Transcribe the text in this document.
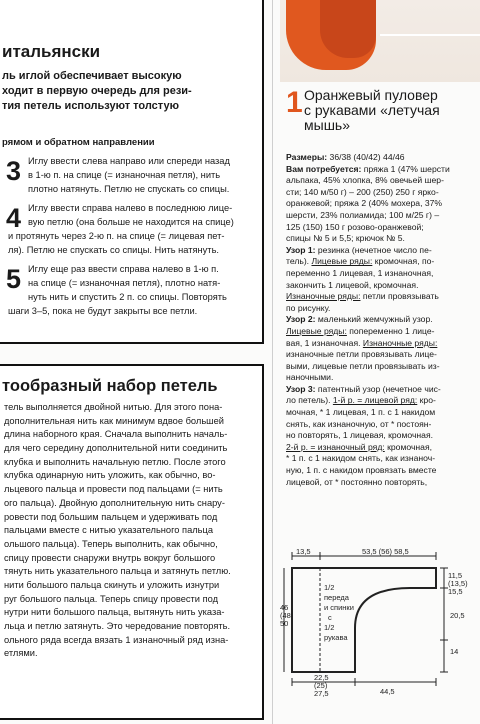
итальянски
ль иглой обеспечивает высокую
ходит в первую очередь для рези-
тия петель используют толстую
рямом и обратном направлении
3 Иглу ввести слева направо или спереди назад
в 1-ю п. на спице (= изнаночная петля), нить
плотно натянуть. Петлю не спускать со спицы.
4 Иглу ввести справа налево в последнюю лице-
вую петлю (она больше не находится на спице)
и протянуть через 2-ю п. на спице (= лицевая пет-
ля). Петлю не спускать со спицы. Нить натянуть.
5 Иглу еще раз ввести справа налево в 1-ю п.
на спице (= изнаночная петля), плотно натя-
нуть нить и спустить 2 п. со спицы. Повторять
шаги 3–5, пока не будут закрыты все петли.
тообразный набор петель
тель выполняется двойной нитью. Для этого пона-
дополнительная нить как минимум вдвое большей
длина наборного края. Сначала выполнить началь-
для чего середину дополнительной нити соединить
клубка и выполнить начальную петлю. После этого
клубка одинарную нить уложить, как обычно, во-
льцевого пальца и провести под пальцами (= нить
ого пальца). Двойную дополнительную нить снару-
ровести под большим пальцем и удерживать под
пальцами вместе с нитью указательного пальца
ольшого пальца). Теперь выполнить, как обычно,
спицу провести снаружи внутрь вокруг большого
тянуть нить указательного пальца и затянуть петлю.
нити большого пальца скинуть и уложить изнутри
руг большого пальца. Теперь спицу провести под
нутри нити большого пальца, вытянуть нить указа-
льца и петлю затянуть. Это чередование повторять.
ольного ряда всегда вязать 1 изнаночный ряд изна-
етлями.
1 Оранжевый пуловер
с рукавами «летучая
мышь»
Размеры: 36/38 (40/42) 44/46
Вам потребуется: пряжа 1 (47% шерсти
альпака, 45% хлопка, 8% овечьей шер-
сти; 140 м/50 г) – 200 (250) 250 г ярко-
оранжевой; пряжа 2 (40% мохера, 37%
шерсти, 23% полиамида; 100 м/25 г) –
125 (150) 150 г розово-оранжевой;
спицы № 5 и 5,5; крючок № 5.
Узор 1: резинка (нечетное число пе-
тель). Лицевые ряды: кромочная, по-
переменно 1 лицевая, 1 изнаночная,
закончить 1 лицевой, кромочная.
Изнаночные ряды: петли провязывать
по рисунку.
Узор 2: маленький жемчужный узор.
Лицевые ряды: попеременно 1 лице-
вая, 1 изнаночная. Изнаночные ряды:
изнаночные петли провязывать лице-
выми, лицевые петли провязывать из-
наночными.
Узор 3: патентный узор (нечетное чис-
ло петель). 1-й р. = лицевой ряд: кро-
мочная, * 1 лицевая, 1 п. с 1 накидом
снять, как изнаночную, от * постоян-
но повторять, 1 лицевая, кромочная.
2-й р. = изнаночный ряд: кромочная,
* 1 п. с 1 накидом снять, как изнаноч-
ную, 1 п. с накидом провязать вместе
лицевой, от * постоянно повторять,
13,5	53,5 (56) 58,5
11,5
(13,5)
15,5
20,5
14
46
(48)
50
44,5
22,5
(25)
27,5
1/2
переда
и спинки
с
1/2
рукава
